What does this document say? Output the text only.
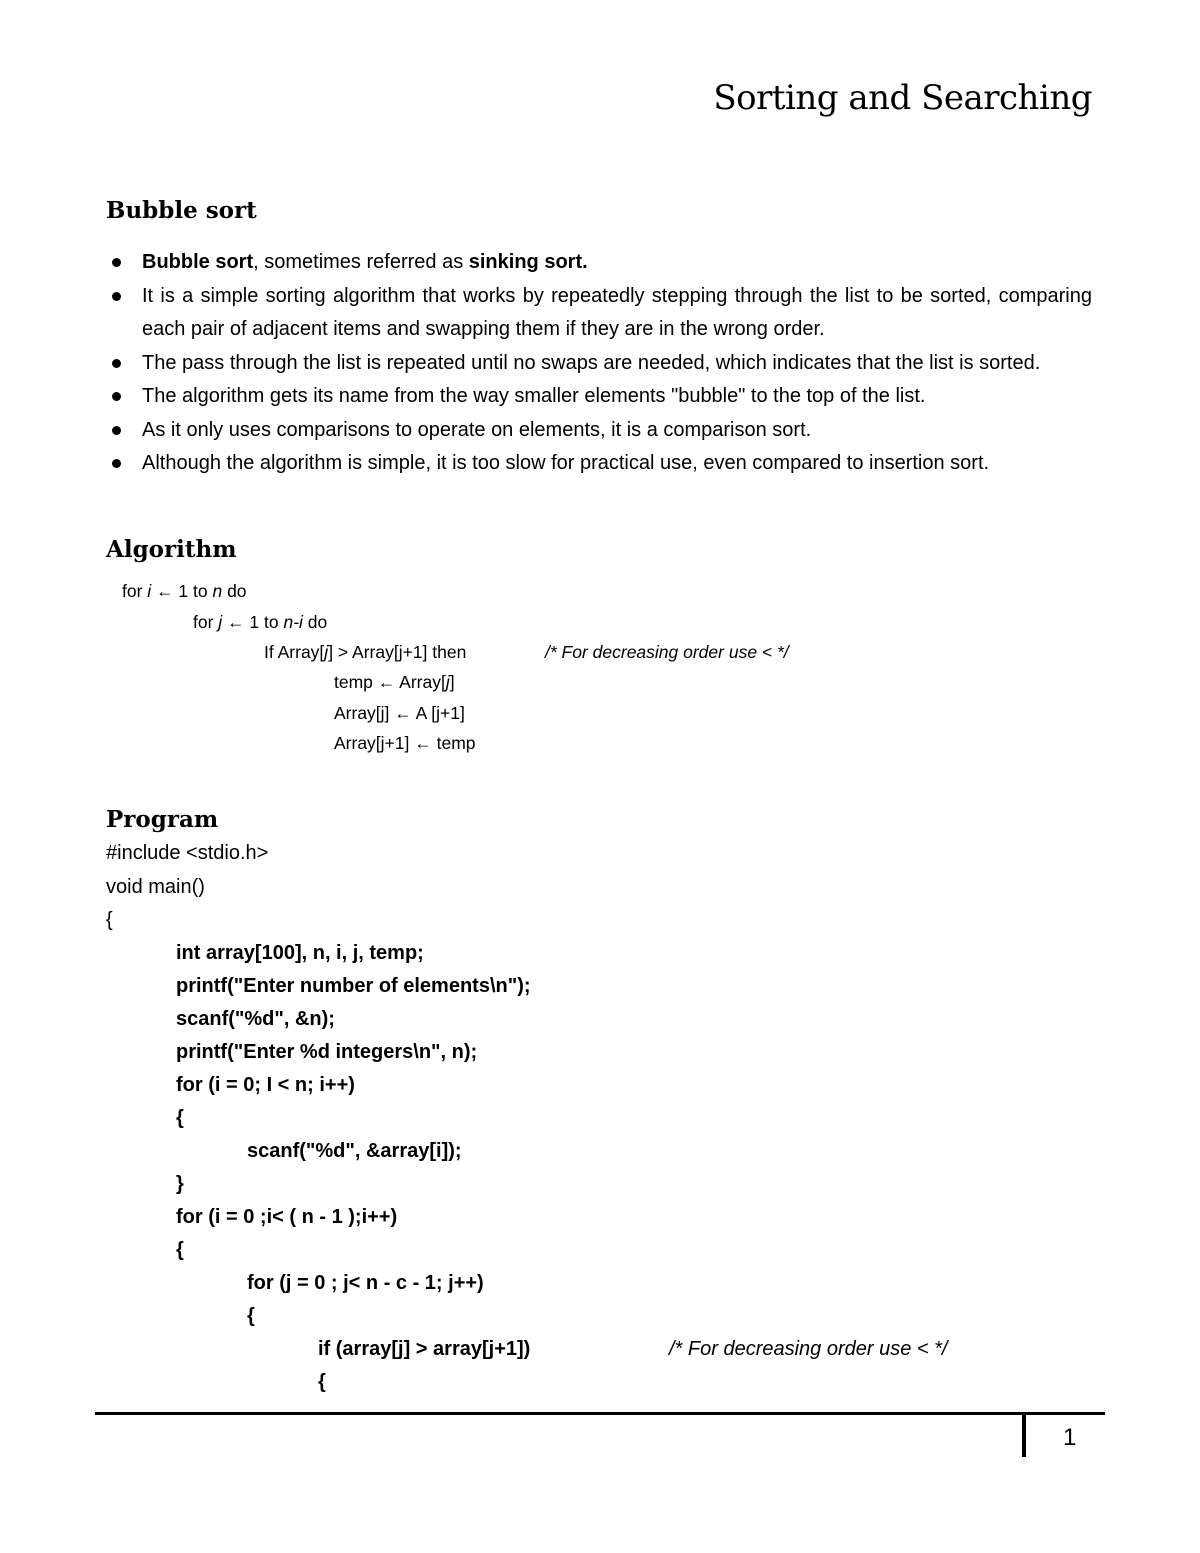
Sorting and Searching
Bubble sort
Bubble sort, sometimes referred as sinking sort.
It is a simple sorting algorithm that works by repeatedly stepping through the list to be sorted, comparing each pair of adjacent items and swapping them if they are in the wrong order.
The pass through the list is repeated until no swaps are needed, which indicates that the list is sorted.
The algorithm gets its name from the way smaller elements "bubble" to the top of the list.
As it only uses comparisons to operate on elements, it is a comparison sort.
Although the algorithm is simple, it is too slow for practical use, even compared to insertion sort.
Algorithm
for i ← 1 to n do
for j ← 1 to n-i do
If Array[j] > Array[j+1] then	/* For decreasing order use < */
temp ← Array[j]
Array[j] ← A [j+1]
Array[j+1] ← temp
Program
#include <stdio.h>
void main()
{
int array[100], n, i, j, temp;
printf("Enter number of elements\n");
scanf("%d", &n);
printf("Enter %d integers\n", n);
for (i = 0; I < n; i++)
{
scanf("%d", &array[i]);
}
for (i = 0 ;i< ( n - 1 );i++)
{
for (j = 0 ; j< n - c - 1; j++)
{
if (array[j] > array[j+1])	/* For decreasing order use < */
{
1
